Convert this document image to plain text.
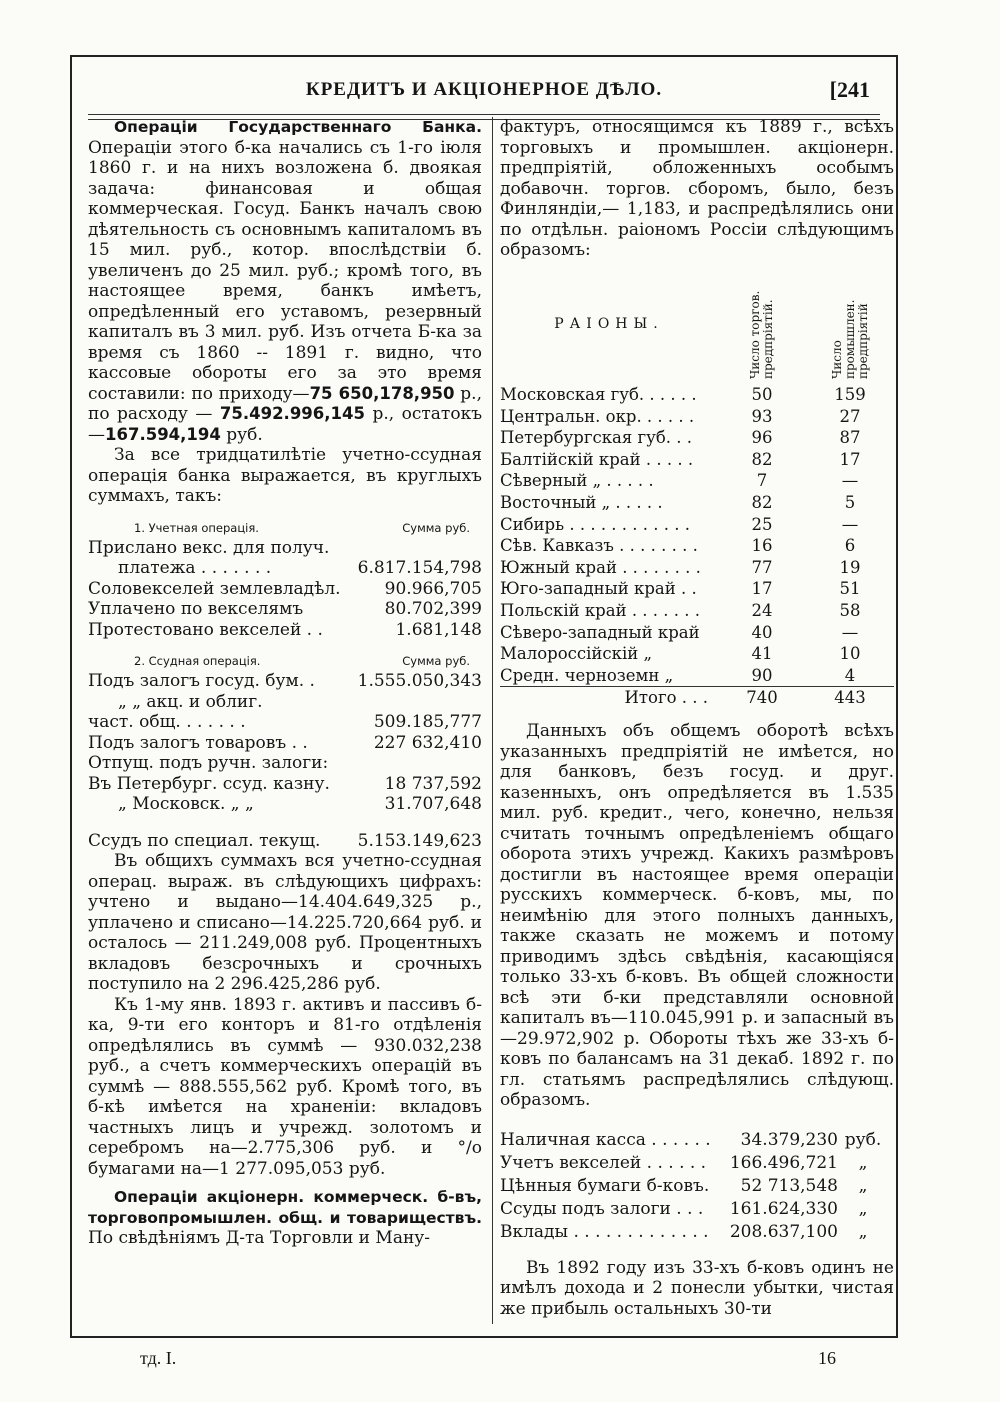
КРЕДИТЪ И АКЦІОНЕРНОЕ ДѢЛО.	[241

Операціи Государственнаго Банка. Операціи этого б-ка начались съ 1-го іюля 1860 г. и на нихъ возложена б. двоякая задача: финансовая и общая коммерческая. Госуд. Банкъ началъ свою дѣятельность съ основнымъ капиталомъ въ 15 мил. руб., котор. впослѣдствіи б. увеличенъ до 25 мил. руб.; кромѣ того, въ настоящее время, банкъ имѣетъ, опредѣленный его уставомъ, резервный капиталъ въ 3 мил. руб. Изъ отчета Б-ка за время съ 1860 -- 1891 г. видно, что кассовые обороты его за это время составили: по приходу—75 650,178,950 р., по расходу — 75.492.996,145 р., остатокъ—167.594,194 руб.

За все тридцатилѣтіе учетно-ссудная операція банка выражается, въ круглыхъ суммахъ, такъ:

1. Учетная операція.	Сумма руб.
Прислано векс. для получ.
платежа . . . . . . .	6.817.154,798
Соловекселей землевладѣл.	90.966,705
Уплачено по векселямъ	80.702,399
Протестовано векселей . .	1.681,148
2. Ссудная операція.	Сумма руб.
Подъ залогъ госуд. бум. .	1.555.050,343
„ „ акц. и облиг.
част. общ. . . . . . .	509.185,777
Подъ залогъ товаровъ . .	227 632,410
Отпущ. подъ ручн. залоги:
Въ Петербург. ссуд. казну.	18 737,592
„ Московск. „ „	31.707,648
Ссудъ по специал. текущ. 5.153.149,623

Въ общихъ суммахъ вся учетно-ссудная операц. выраж. въ слѣдующихъ цифрахъ: учтено и выдано—14.404.649,325 р., уплачено и списано—14.225.720,664 руб. и осталось — 211.249,008 руб. Процентныхъ вкладовъ безсрочныхъ и срочныхъ поступило на 2 296.425,286 руб.

Къ 1-му янв. 1893 г. активъ и пассивъ б-ка, 9-ти его конторъ и 81-го отдѣленія опредѣлялись въ суммѣ — 930.032,238 руб., а счетъ коммерческихъ операцій въ суммѣ — 888.555,562 руб. Кромѣ того, въ б-кѣ имѣется на храненіи: вкладовъ частныхъ лицъ и учрежд. золотомъ и серебромъ на—2.775,306 руб. и °/о бумагами на—1 277.095,053 руб.

Операціи акціонерн. коммерческ. б-въ, торговопромышлен. общ. и товариществъ. По свѣдѣніямъ Д-та Торговли и Ману-

фактуръ, относящимся къ 1889 г., всѣхъ торговыхъ и промышлен. акціонерн. предпріятій, обложенныхъ особымъ добавочн. торгов. сборомъ, было, безъ Финляндіи,— 1,183, и распредѣлялись они по отдѣльн. раіономъ Россіи слѣдующимъ образомъ:

РАІОНЫ.	Число торгов. предпріятій.	Число промышлен. предпріятій
Московская губ. . . . . .	50	159
Центральн. окр. . . . . .	93	27
Петербургская губ. . .	96	87
Балтійскій край . . . . .	82	17
Сѣверный „ . . . . .	7	—
Восточный „ . . . . .	82	5
Сибирь . . . . . . . . . . . .	25	—
Сѣв. Кавказъ . . . . . . . .	16	6
Южный край . . . . . . . .	77	19
Юго-западный край . .	17	51
Польскій край . . . . . . .	24	58
Сѣверо-западный край	40	—
Малороссійскій „	41	10
Средн. черноземн „	90	4
Итого . . .	740	443

Данныхъ объ общемъ оборотѣ всѣхъ указанныхъ предпріятій не имѣется, но для банковъ, безъ госуд. и друг. казенныхъ, онъ опредѣляется въ 1.535 мил. руб. кредит., чего, конечно, нельзя считать точнымъ опредѣленіемъ общаго оборота этихъ учрежд. Какихъ размѣровъ достигли въ настоящее время операціи русскихъ коммерческ. б-ковъ, мы, по неимѣнію для этого полныхъ данныхъ, также сказать не можемъ и потому приводимъ здѣсь свѣдѣнія, касающіяся только 33-хъ б-ковъ. Въ общей сложности всѣ эти б-ки представляли основной капиталъ въ—110.045,991 р. и запасный въ—29.972,902 р. Обороты тѣхъ же 33-хъ б-ковъ по балансамъ на 31 декаб. 1892 г. по гл. статьямъ распредѣлялись слѣдующ. образомъ.

Наличная касса . . . . . .	34.379,230 руб.
Учетъ векселей . . . . . .	166.496,721	„
Цѣнныя бумаги б-ковъ.	52 713,548	„
Ссуды подъ залоги . . .	161.624,330	„
Вклады . . . . . . . . . . . . .	208.637,100	„

Въ 1892 году изъ 33-хъ б-ковъ одинъ не имѣлъ дохода и 2 понесли убытки, чистая же прибыль остальныхъ 30-ти

тд. I.	16
